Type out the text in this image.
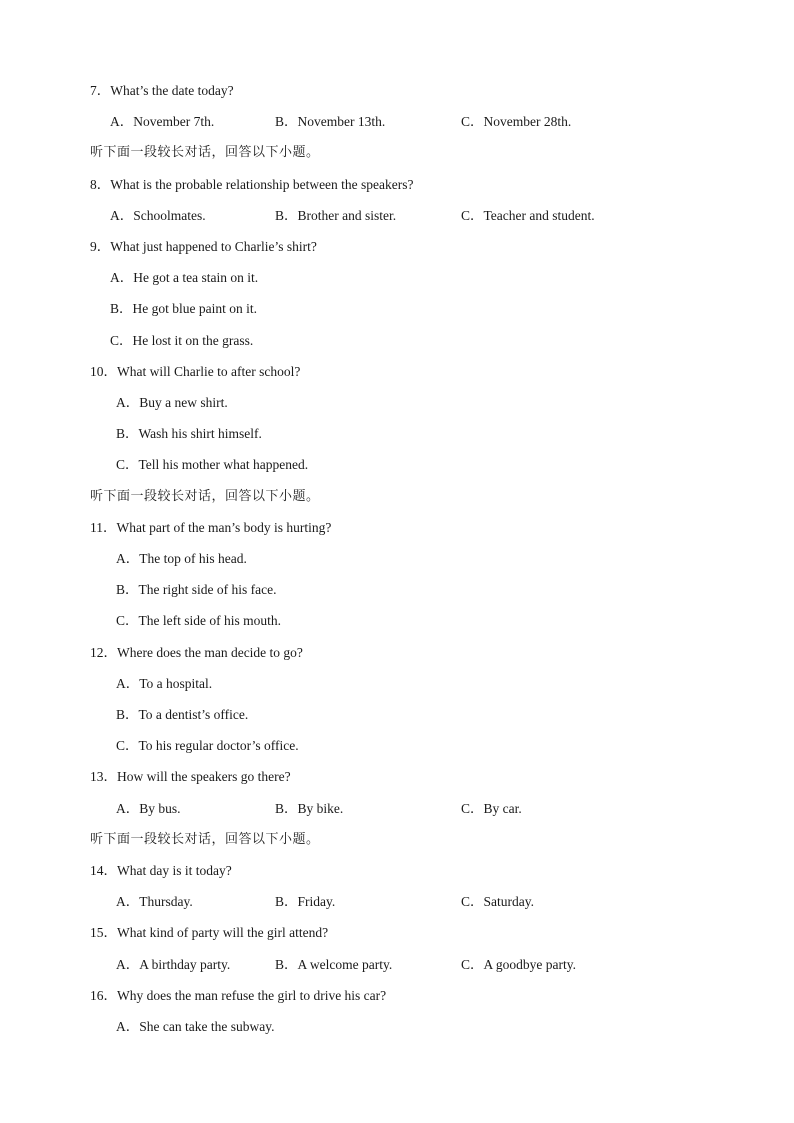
7．What’s the date today?
A．November 7th.	B．November 13th.	C．November 28th.
听下面一段较长对话，回答以下小题。
8．What is the probable relationship between the speakers?
A．Schoolmates.	B．Brother and sister.	C．Teacher and student.
9．What just happened to Charlie’s shirt?
A．He got a tea stain on it.
B．He got blue paint on it.
C．He lost it on the grass.
10．What will Charlie to after school?
A．Buy a new shirt.
B．Wash his shirt himself.
C．Tell his mother what happened.
听下面一段较长对话，回答以下小题。
11．What part of the man’s body is hurting?
A．The top of his head.
B．The right side of his face.
C．The left side of his mouth.
12．Where does the man decide to go?
A．To a hospital.
B．To a dentist’s office.
C．To his regular doctor’s office.
13．How will the speakers go there?
A．By bus.	B．By bike.	C．By car.
听下面一段较长对话，回答以下小题。
14．What day is it today?
A．Thursday.	B．Friday.	C．Saturday.
15．What kind of party will the girl attend?
A．A birthday party.	B．A welcome party.	C．A goodbye party.
16．Why does the man refuse the girl to drive his car?
A．She can take the subway.
